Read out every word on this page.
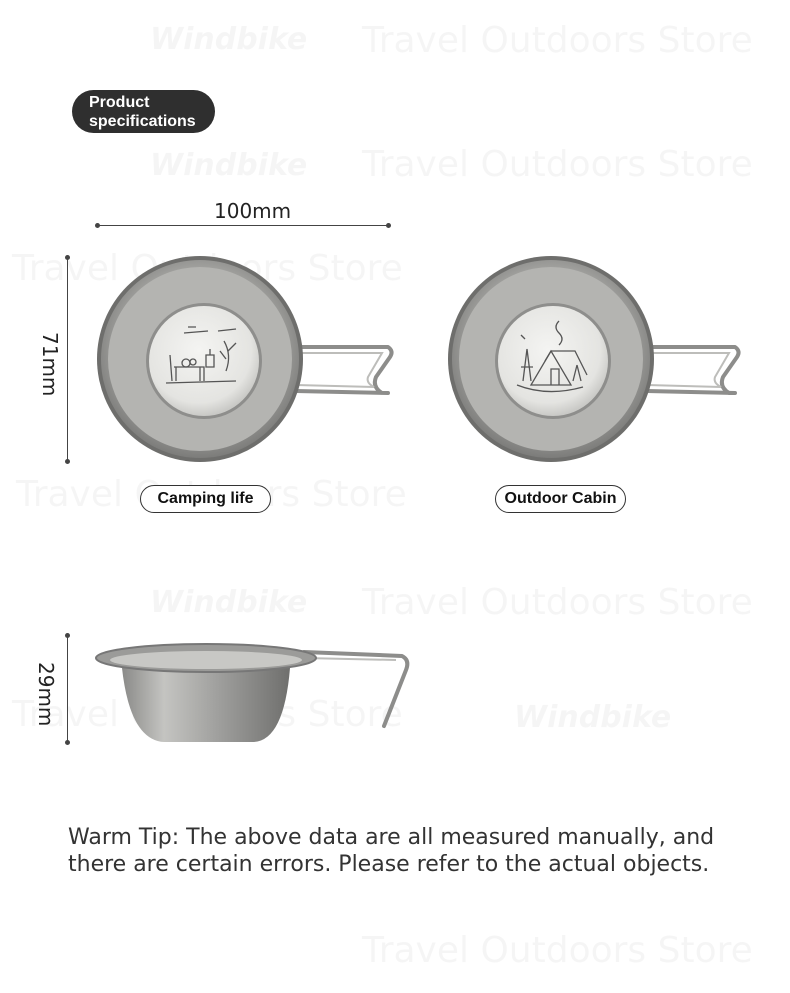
Product
specifications
100mm
71mm
Camping life	Outdoor Cabin
29mm
Warm Tip: The above data are all measured manually, and there are certain errors. Please refer to the actual objects.
